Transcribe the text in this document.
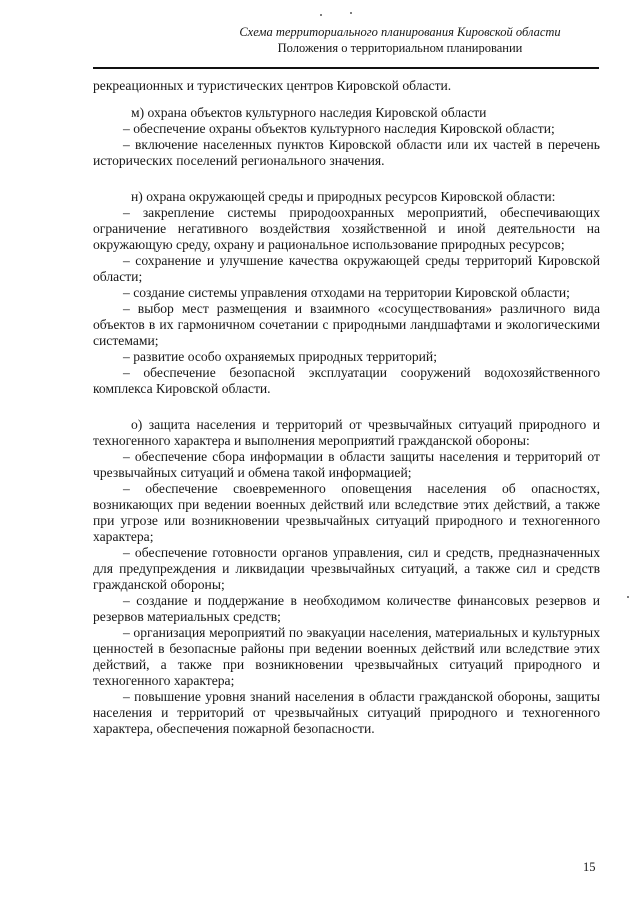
Схема территориального планирования Кировской области
Положения о территориальном планировании

рекреационных и туристических центров Кировской области.

м) охрана объектов культурного наследия Кировской области

– обеспечение охраны объектов культурного наследия Кировской области;

– включение населенных пунктов Кировской области или их частей в перечень исторических поселений регионального значения.

н) охрана окружающей среды и природных ресурсов Кировской области:

– закрепление системы природоохранных мероприятий, обеспечивающих ограничение негативного воздействия хозяйственной и иной деятельности на окружающую среду, охрану и рациональное использование природных ресурсов;

– сохранение и улучшение качества окружающей среды территорий Кировской области;

– создание системы управления отходами на территории Кировской области;

– выбор мест размещения и взаимного «сосуществования» различного вида объектов в их гармоничном сочетании с природными ландшафтами и экологическими системами;

– развитие особо охраняемых природных территорий;

– обеспечение безопасной эксплуатации сооружений водохозяйственного комплекса Кировской области.

о) защита населения и территорий от чрезвычайных ситуаций природного и техногенного характера и выполнения мероприятий гражданской обороны:

– обеспечение сбора информации в области защиты населения и территорий от чрезвычайных ситуаций и обмена такой информацией;

– обеспечение своевременного оповещения населения об опасностях, возникающих при ведении военных действий или вследствие этих действий, а также при угрозе или возникновении чрезвычайных ситуаций природного и техногенного характера;

– обеспечение готовности органов управления, сил и средств, предназначенных для предупреждения и ликвидации чрезвычайных ситуаций, а также сил и средств гражданской обороны;

– создание и поддержание в необходимом количестве финансовых резервов и резервов материальных средств;

– организация мероприятий по эвакуации населения, материальных и культурных ценностей в безопасные районы при ведении военных действий или вследствие этих действий, а также при возникновении чрезвычайных ситуаций природного и техногенного характера;

– повышение уровня знаний населения в области гражданской обороны, защиты населения и территорий от чрезвычайных ситуаций природного и техногенного характера, обеспечения пожарной безопасности.

15
